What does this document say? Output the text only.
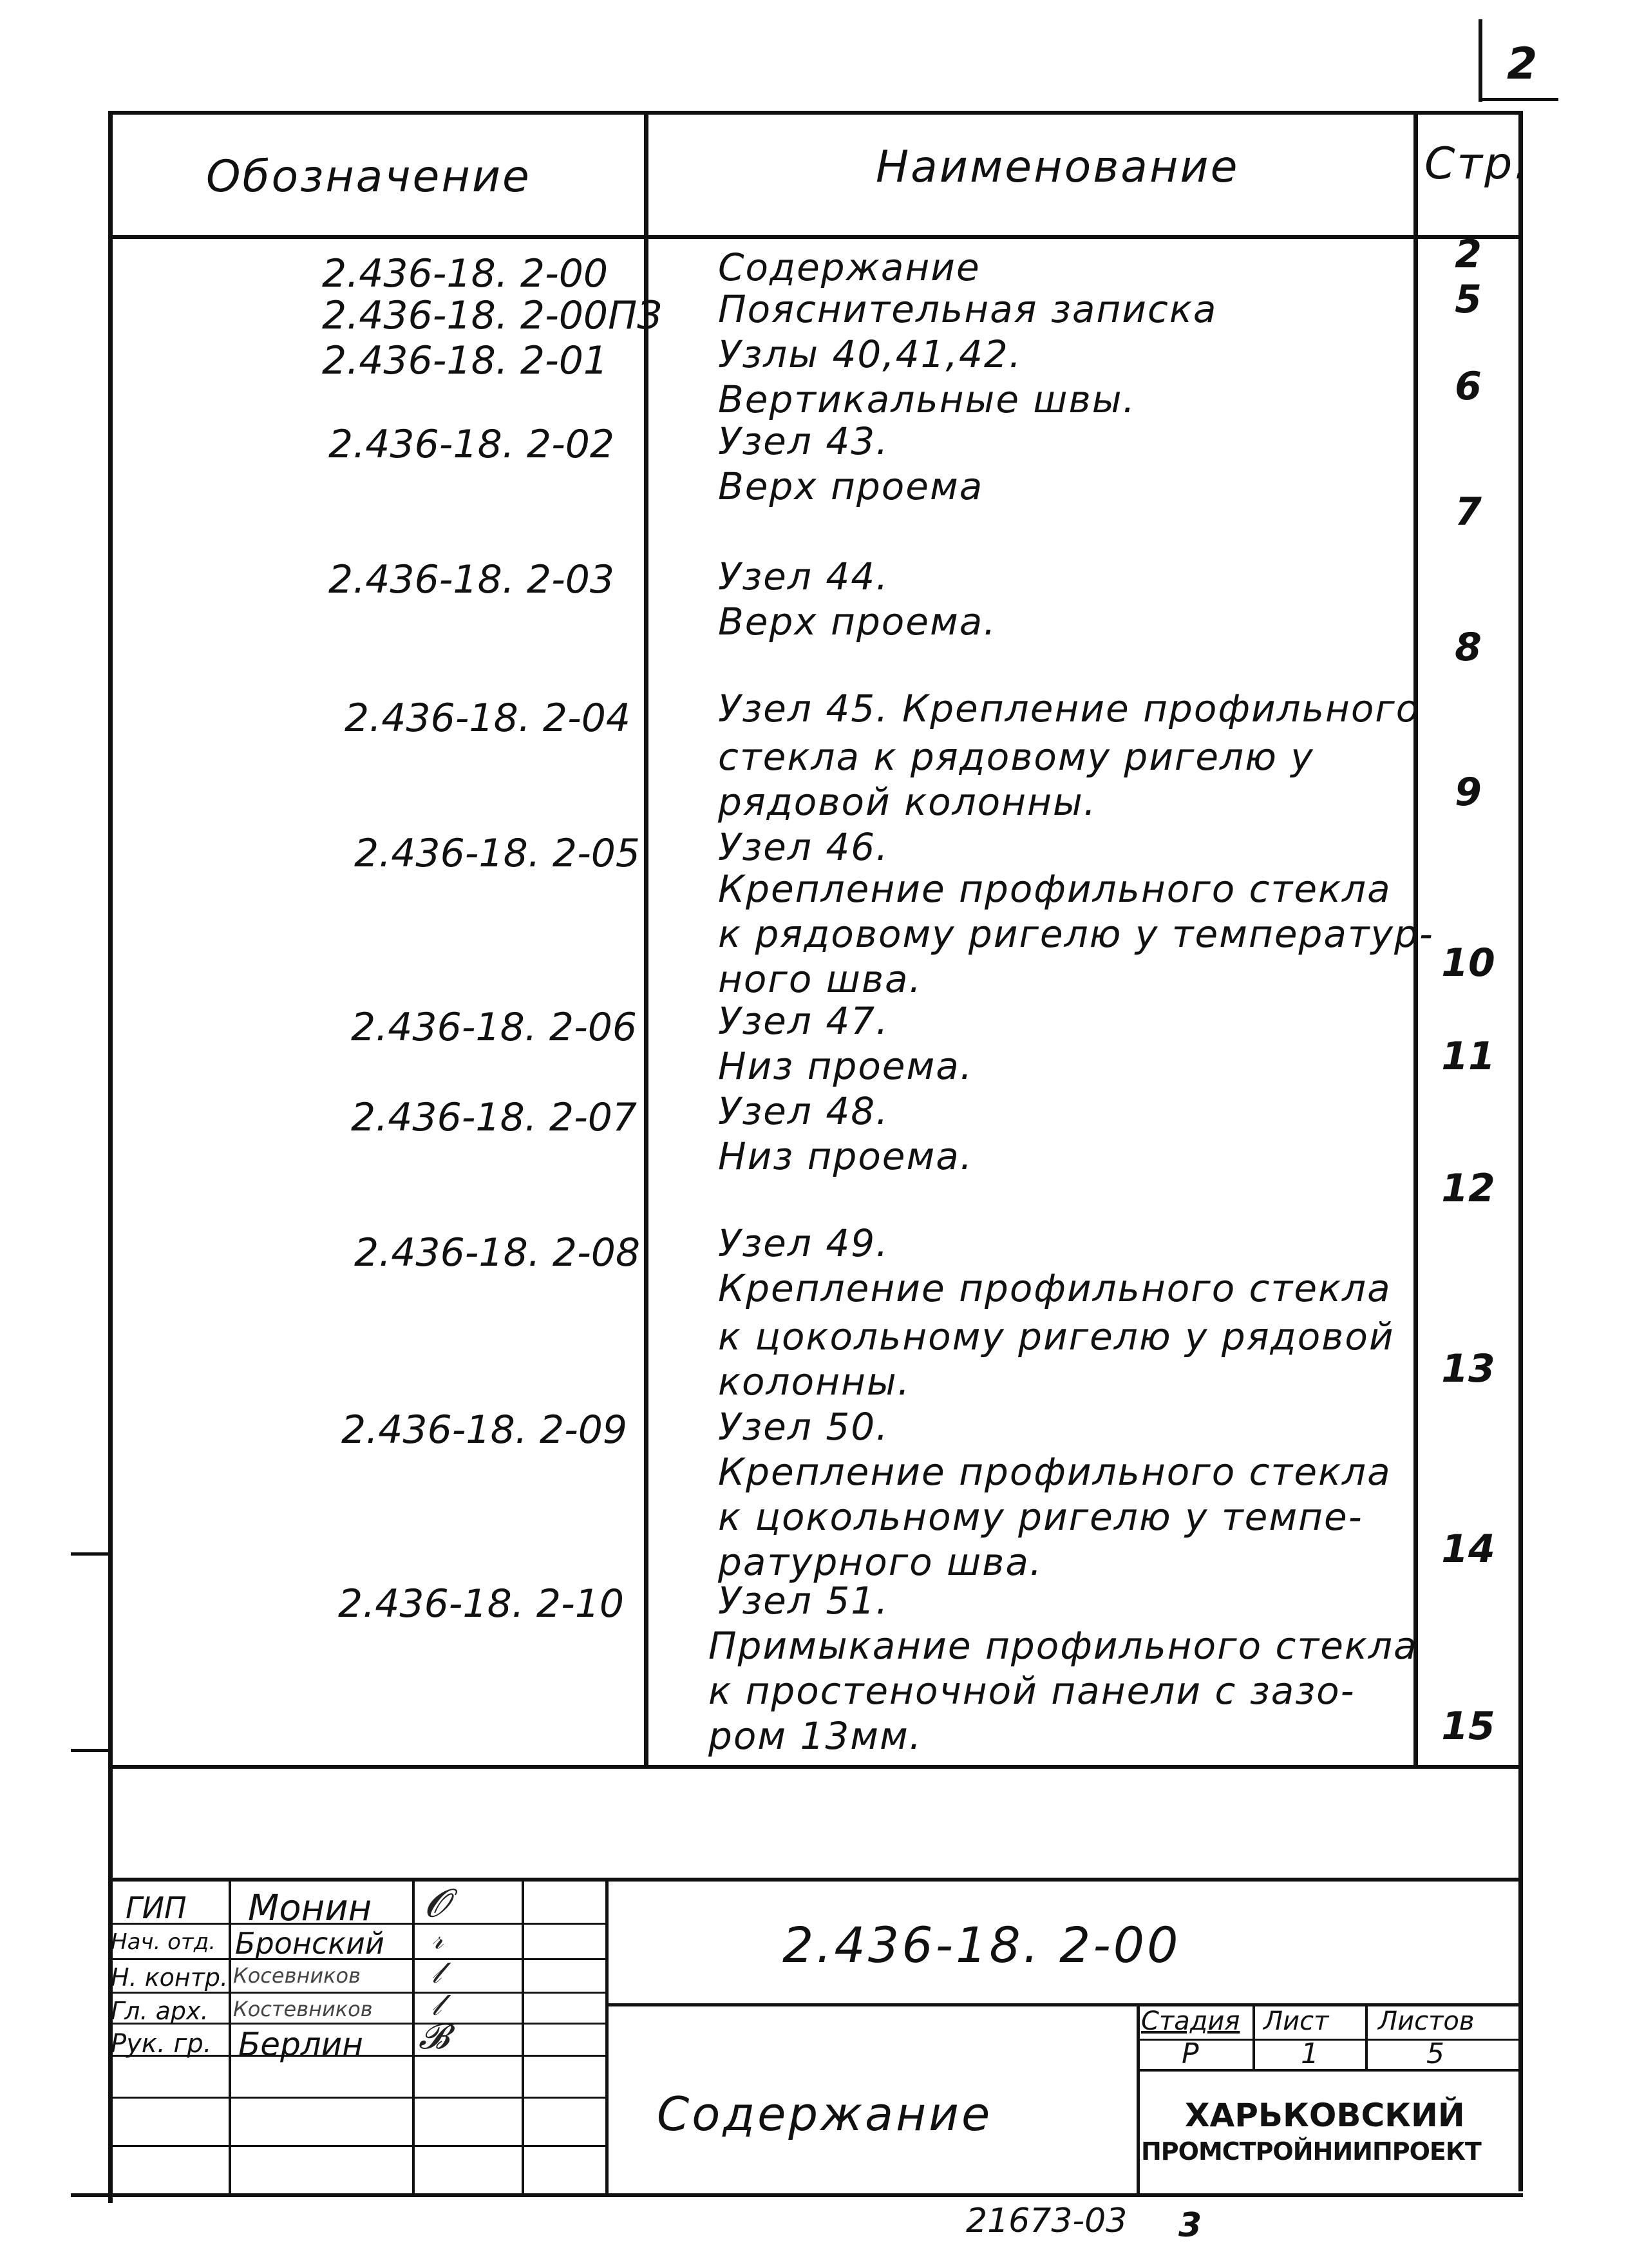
2
Обозначение	Наименование	Стр.
2.436-18. 2-00	Содержание	2
2.436-18. 2-00ПЗ Пояснительная записка	5
2.436-18. 2-01	Узлы 40,41,42.
Вертикальные швы.	6
2.436-18. 2-02	Узел 43.
Верх проема
7
2.436-18. 2-03	Узел 44.
Верх проема.
8
2.436-18. 2-04 Узел 45. Крепление профильного
стекла к рядовому ригелю у
рядовой колонны.	9
2.436-18. 2-05 Узел 46.
Крепление профильного стекла
к рядовому ригелю у температур-
ного шва.	10
2.436-18. 2-06 Узел 47.
Низ проема.	11
2.436-18. 2-07 Узел 48.
Низ проема.
12
2.436-18. 2-08 Узел 49.
Крепление профильного стекла
к цокольному ригелю у рядовой
колонны.	13
2.436-18. 2-09 Узел 50.
Крепление профильного стекла
к цокольному ригелю у темпе-
ратурного шва.	14
2.436-18. 2-10	Узел 51.
Примыкание профильного стекла
к простеночной панели с зазо-
ром 13мм.	15
ГИП Монин 𝓞
Нач. отд. Бронский 𝓇
Н. контр. Косевников 𝓁
Гл. арх. Костевников 𝓁
Рук. гр. Берлин 𝓑
2.436-18. 2-00
Содержание
Стадия Лист Листов
Р	1	5
ХАРЬКОВСКИЙ
ПРОМСТРОЙНИИПРОЕКТ
21673-03 3
